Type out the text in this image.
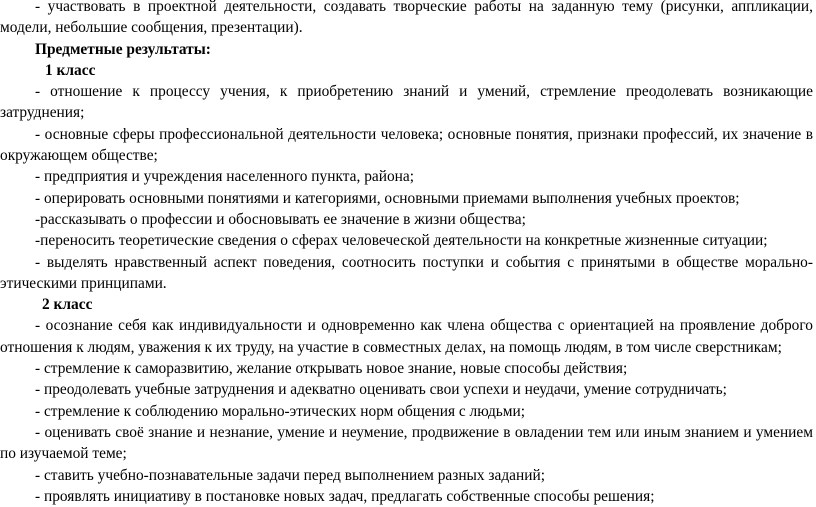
- участвовать в проектной деятельности, создавать творческие работы на заданную тему (рисунки, аппликации, модели, небольшие сообщения, презентации).

Предметные результаты:

1 класс

- отношение к процессу учения, к приобретению знаний и умений, стремление преодолевать возникающие затруднения;

- основные сферы профессиональной деятельности человека; основные понятия, признаки профессий, их значение в окружающем обществе;

- предприятия и учреждения населенного пункта, района;

- оперировать основными понятиями и категориями, основными приемами выполнения учебных проектов;

-рассказывать о профессии и обосновывать ее значение в жизни общества;

-переносить теоретические сведения о сферах человеческой деятельности на конкретные жизненные ситуации;

- выделять нравственный аспект поведения, соотносить поступки и события с принятыми в обществе морально-этическими принципами.

2 класс

- осознание себя как индивидуальности и одновременно как члена общества с ориентацией на проявление доброго отношения к людям, уважения к их труду, на участие в совместных делах, на помощь людям, в том числе сверстникам;

- стремление к саморазвитию, желание открывать новое знание, новые способы действия;

- преодолевать учебные затруднения и адекватно оценивать свои успехи и неудачи, умение сотрудничать;

- стремление к соблюдению морально-этических норм общения с людьми;

- оценивать своё знание и незнание, умение и неумение, продвижение в овладении тем или иным знанием и умением по изучаемой теме;

- ставить учебно-познавательные задачи перед выполнением разных заданий;

- проявлять инициативу в постановке новых задач, предлагать собственные способы решения;
